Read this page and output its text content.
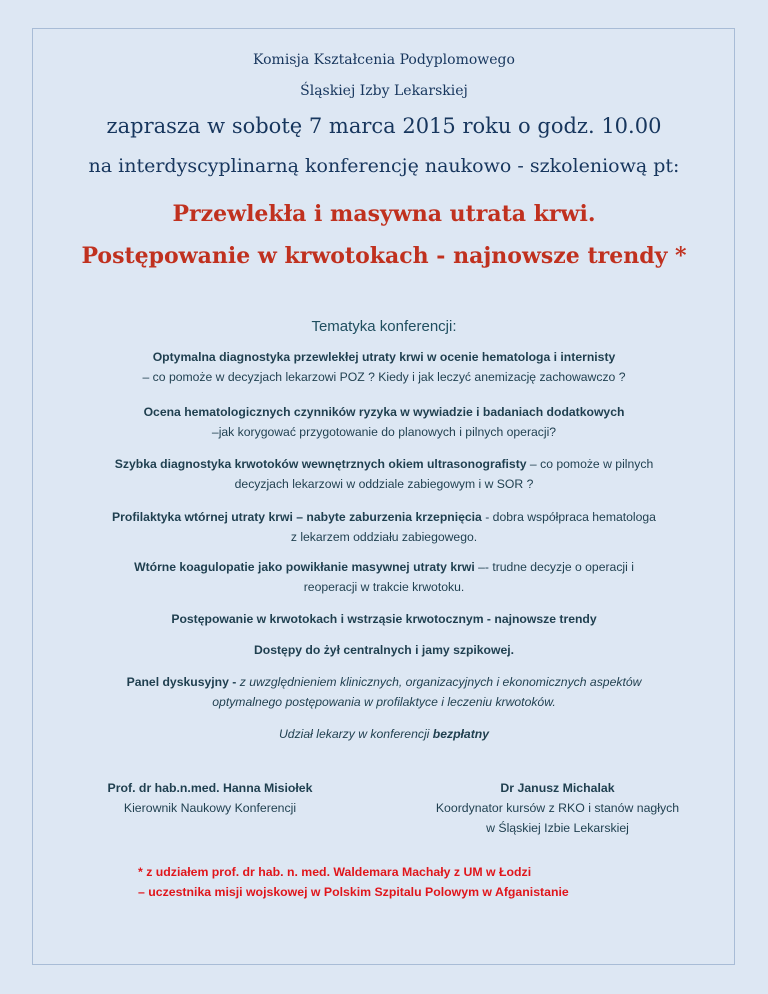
Komisja Kształcenia Podyplomowego
Śląskiej Izby Lekarskiej
zaprasza w sobotę 7 marca 2015 roku o godz. 10.00
na interdyscyplinarną konferencję naukowo - szkoleniową pt:
Przewlekła i masywna utrata krwi.
Postępowanie w krwotokach - najnowsze trendy *
Tematyka konferencji:
Optymalna diagnostyka przewlekłej utraty krwi w ocenie hematologa i internisty
– co pomoże w decyzjach lekarzowi POZ ? Kiedy i jak leczyć anemizację zachowawczo ?
Ocena hematologicznych czynników ryzyka w wywiadzie i badaniach dodatkowych
–jak korygować przygotowanie do planowych i pilnych operacji?
Szybka diagnostyka krwotoków wewnętrznych okiem ultrasonografisty – co pomoże w pilnych
decyzjach lekarzowi w oddziale zabiegowym i w SOR ?
Profilaktyka wtórnej utraty krwi – nabyte zaburzenia krzepnięcia - dobra współpraca hematologa
z lekarzem oddziału zabiegowego.
Wtórne koagulopatie jako powikłanie masywnej utraty krwi –- trudne decyzje o operacji i
reoperacji w trakcie krwotoku.
Postępowanie w krwotokach i wstrząsie krwotocznym - najnowsze trendy
Dostępy do żył centralnych i jamy szpikowej.
Panel dyskusyjny - z uwzględnieniem klinicznych, organizacyjnych i ekonomicznych aspektów
optymalnego postępowania w profilaktyce i leczeniu krwotoków.
Udział lekarzy w konferencji bezpłatny
Prof. dr hab.n.med. Hanna Misiołek
Kierownik Naukowy Konferencji
Dr Janusz Michalak
Koordynator kursów z RKO i stanów nagłych
w Śląskiej Izbie Lekarskiej
* z udziałem prof. dr hab. n. med. Waldemara Machały z UM w Łodzi
– uczestnika misji wojskowej w Polskim Szpitalu Polowym w Afganistanie
